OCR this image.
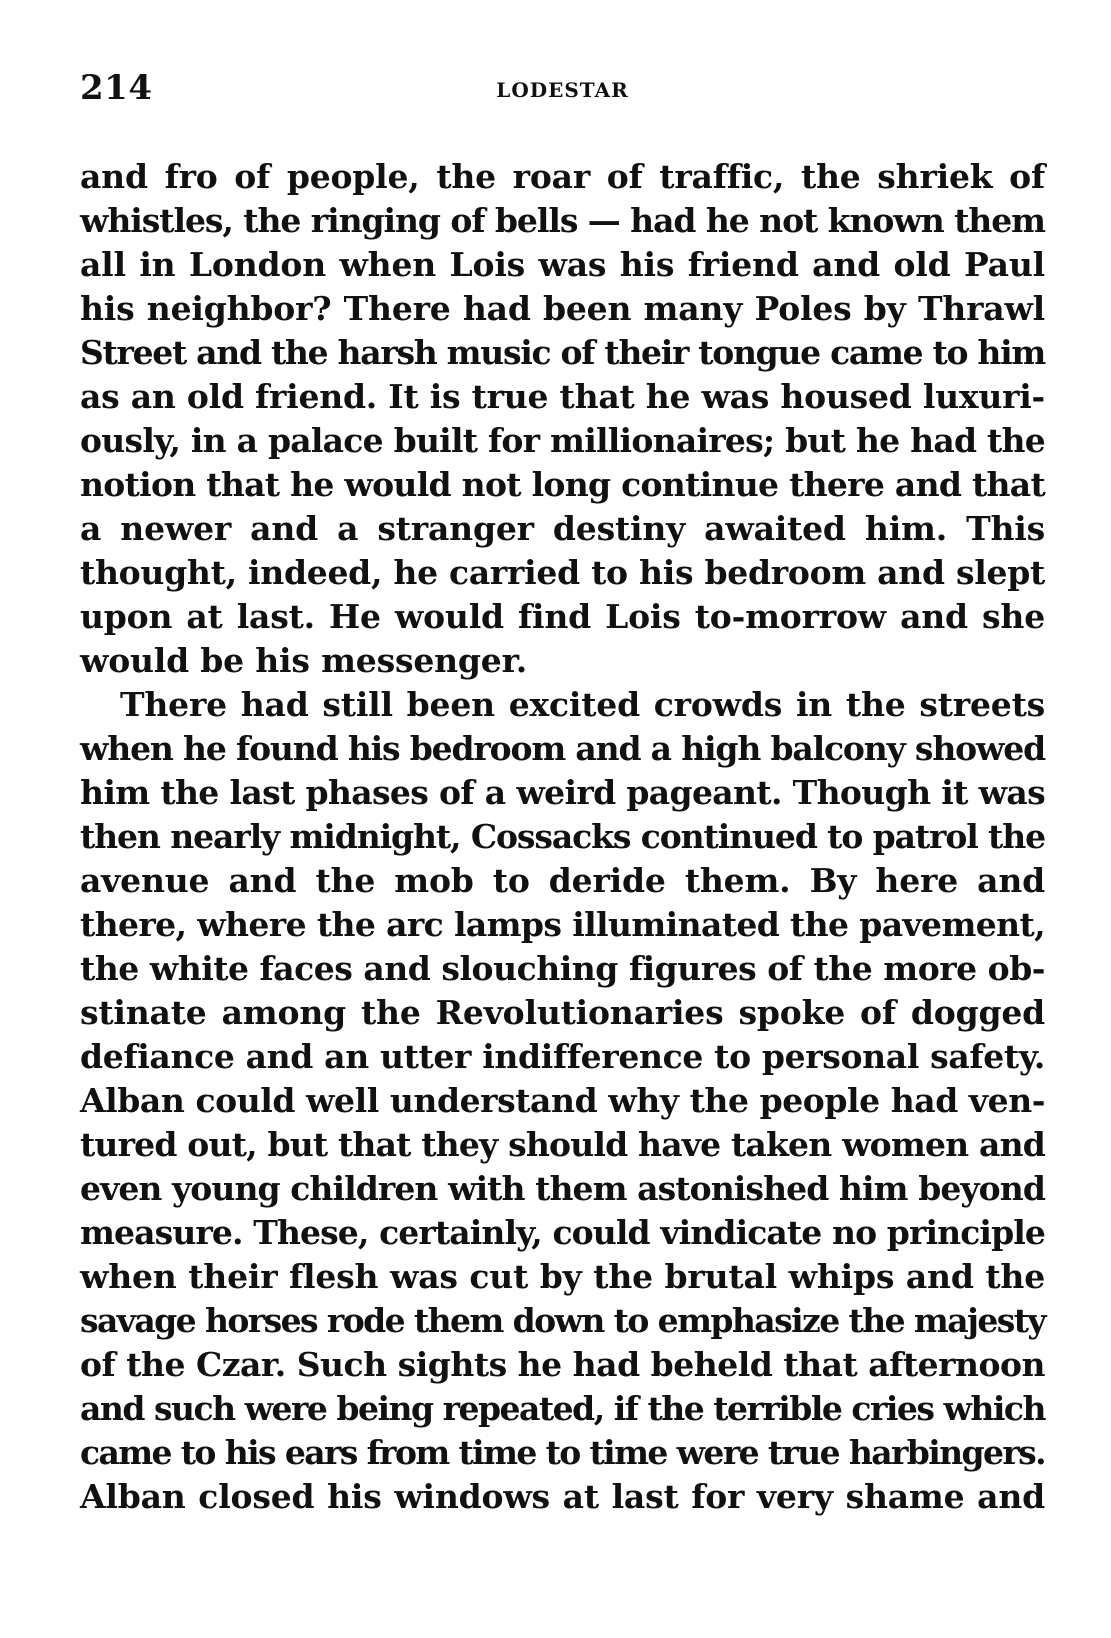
214	LODESTAR
and fro of people, the roar of traffic, the shriek of
whistles, the ringing of bells — had he not known them
all in London when Lois was his friend and old Paul
his neighbor? There had been many Poles by Thrawl
Street and the harsh music of their tongue came to him
as an old friend. It is true that he was housed luxuri-
ously, in a palace built for millionaires; but he had the
notion that he would not long continue there and that
a newer and a stranger destiny awaited him. This
thought, indeed, he carried to his bedroom and slept
upon at last. He would find Lois to-morrow and she
would be his messenger.
There had still been excited crowds in the streets
when he found his bedroom and a high balcony showed
him the last phases of a weird pageant. Though it was
then nearly midnight, Cossacks continued to patrol the
avenue and the mob to deride them. By here and
there, where the arc lamps illuminated the pavement,
the white faces and slouching figures of the more ob-
stinate among the Revolutionaries spoke of dogged
defiance and an utter indifference to personal safety.
Alban could well understand why the people had ven-
tured out, but that they should have taken women and
even young children with them astonished him beyond
measure. These, certainly, could vindicate no principle
when their flesh was cut by the brutal whips and the
savage horses rode them down to emphasize the majesty
of the Czar. Such sights he had beheld that afternoon
and such were being repeated, if the terrible cries which
came to his ears from time to time were true harbingers.
Alban closed his windows at last for very shame and
